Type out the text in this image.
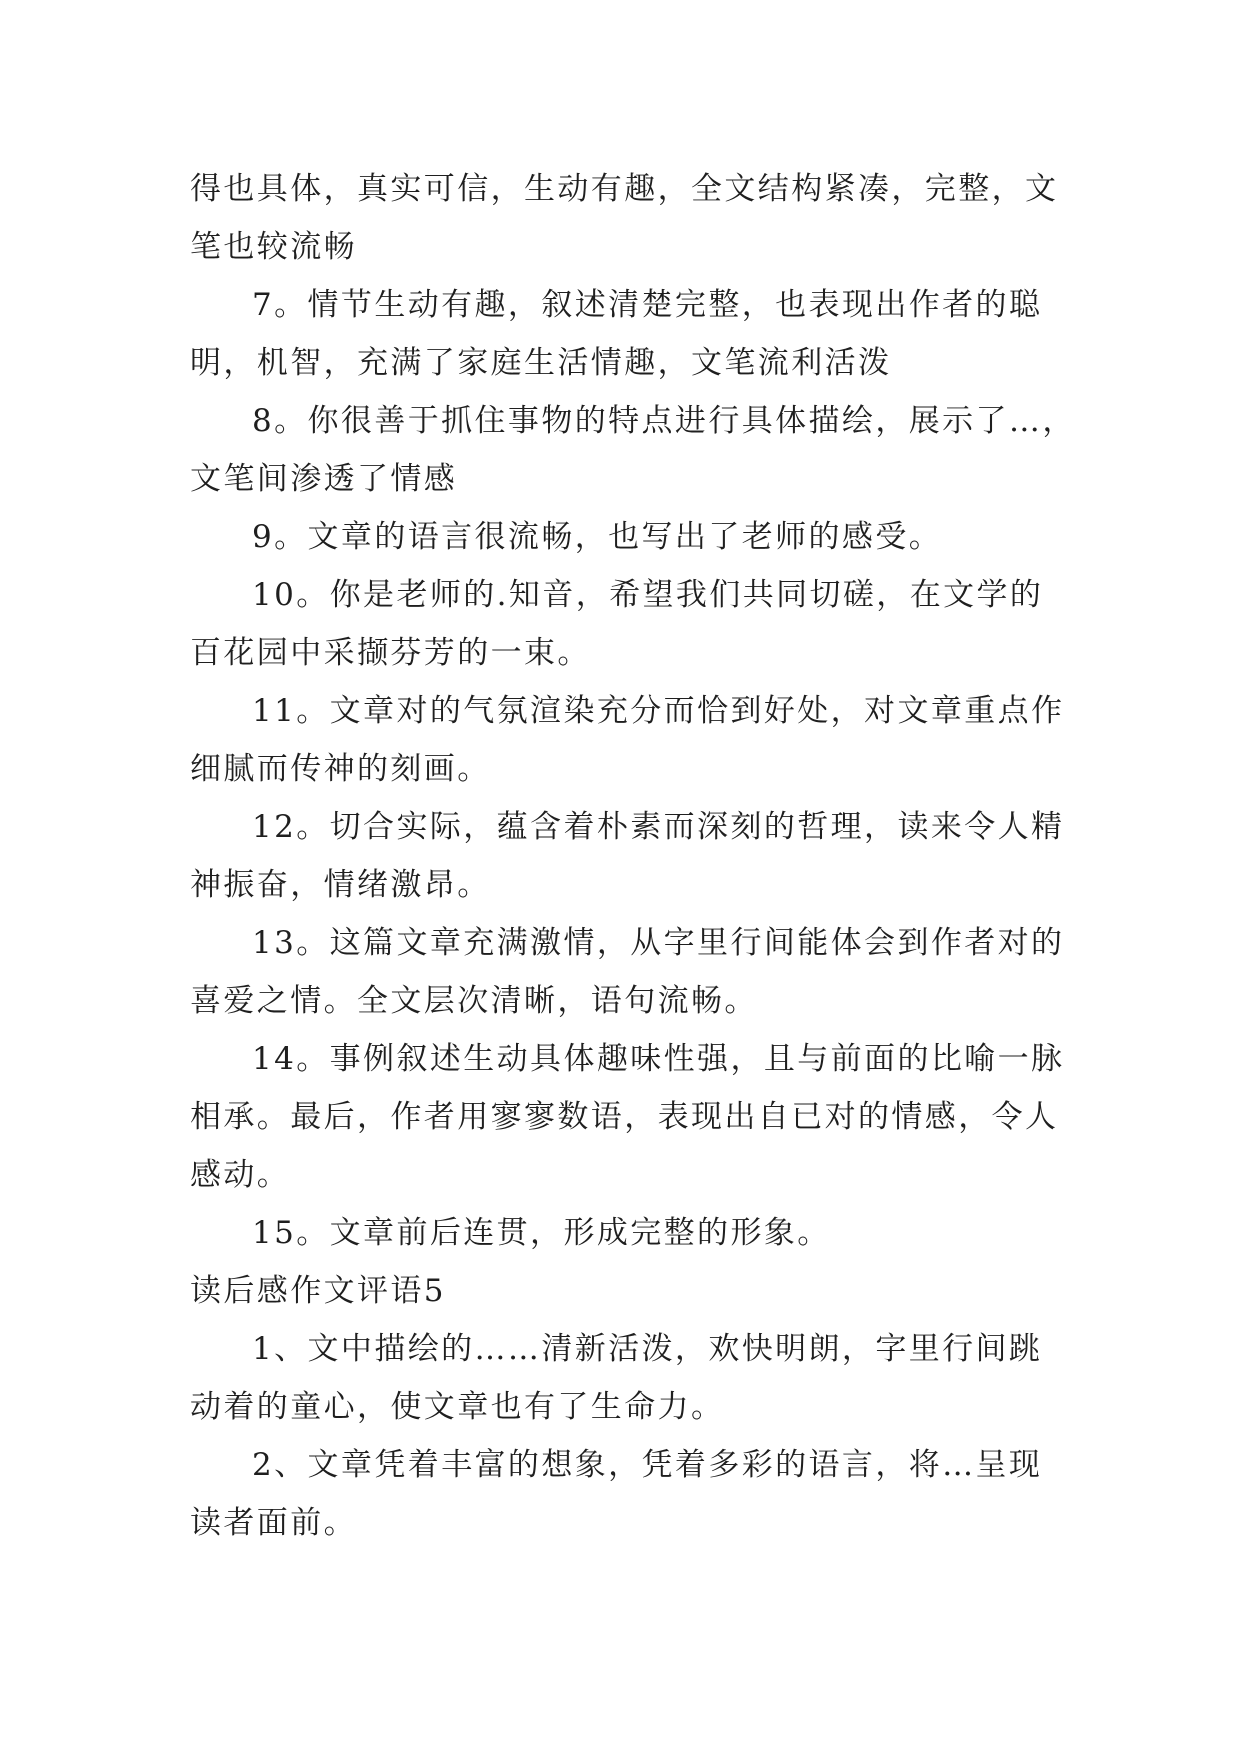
得也具体，真实可信，生动有趣，全文结构紧凑，完整，文
笔也较流畅
7。情节生动有趣，叙述清楚完整，也表现出作者的聪
明，机智，充满了家庭生活情趣，文笔流利活泼
8。你很善于抓住事物的特点进行具体描绘，展示了…，
文笔间渗透了情感
9。文章的语言很流畅，也写出了老师的感受。
10。你是老师的.知音，希望我们共同切磋，在文学的
百花园中采撷芬芳的一束。
11。文章对的气氛渲染充分而恰到好处，对文章重点作
细腻而传神的刻画。
12。切合实际，蕴含着朴素而深刻的哲理，读来令人精
神振奋，情绪激昂。
13。这篇文章充满激情，从字里行间能体会到作者对的
喜爱之情。全文层次清晰，语句流畅。
14。事例叙述生动具体趣味性强，且与前面的比喻一脉
相承。最后，作者用寥寥数语，表现出自已对的情感，令人
感动。
15。文章前后连贯，形成完整的形象。
读后感作文评语5
1、文中描绘的……清新活泼，欢快明朗，字里行间跳
动着的童心，使文章也有了生命力。
2、文章凭着丰富的想象，凭着多彩的语言，将…呈现
读者面前。
